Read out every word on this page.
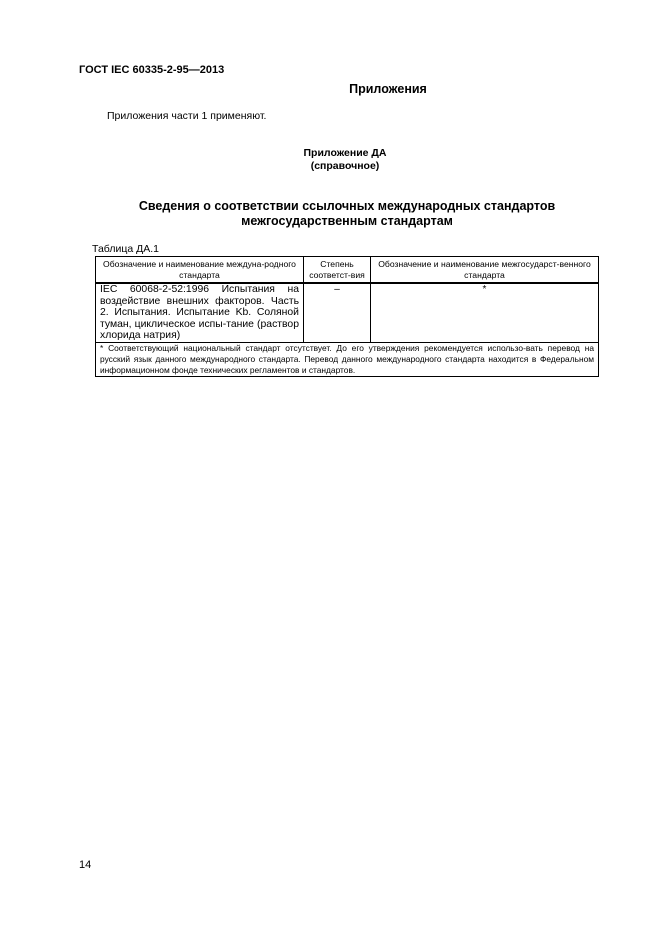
ГОСТ IEC 60335-2-95—2013
Приложения
Приложения части 1 применяют.
Приложение ДА
(справочное)
Сведения о соответствии ссылочных международных стандартов
межгосударственным стандартам
Таблица ДА.1
Обозначение и наименование междуна-родного стандарта	Степень соответст-вия	Обозначение и наименование межгосударст-венного стандарта
IEC 60068-2-52:1996 Испытания на воздействие внешних факторов. Часть 2. Испытания. Испытание Kb. Соляной туман, циклическое испы-тание (раствор хлорида натрия)	–	*
* Соответствующий национальный стандарт отсутствует. До его утверждения рекомендуется использо-вать перевод на русский язык данного международного стандарта. Перевод данного международного стандарта находится в Федеральном информационном фонде технических регламентов и стандартов.		
14
